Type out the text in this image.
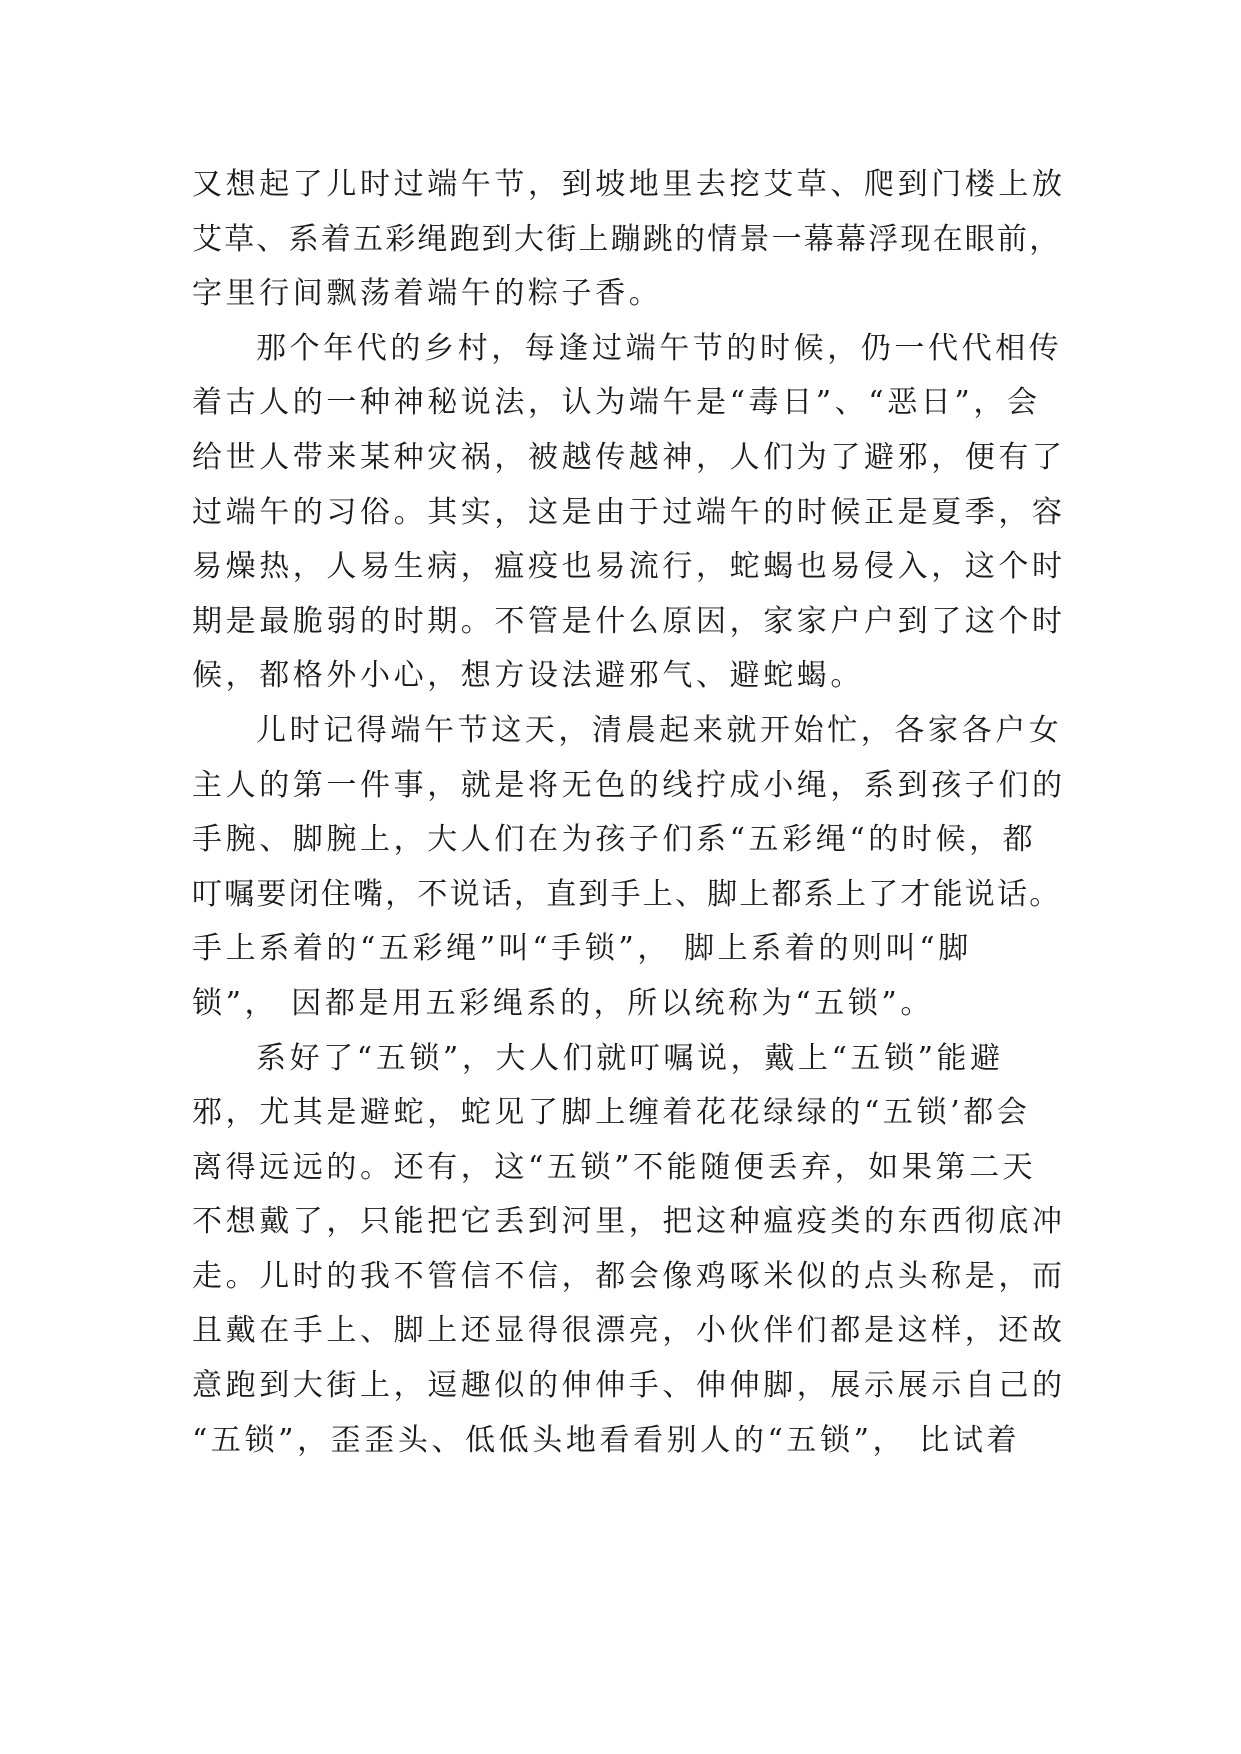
又想起了儿时过端午节，到坡地里去挖艾草、爬到门楼上放
艾草、系着五彩绳跑到大街上蹦跳的情景一幕幕浮现在眼前，
字里行间飘荡着端午的粽子香。
那个年代的乡村，每逢过端午节的时候，仍一代代相传
着古人的一种神秘说法，认为端午是“毒日”、“恶日”，会
给世人带来某种灾祸，被越传越神，人们为了避邪，便有了
过端午的习俗。其实，这是由于过端午的时候正是夏季，容
易燥热，人易生病，瘟疫也易流行，蛇蝎也易侵入，这个时
期是最脆弱的时期。不管是什么原因，家家户户到了这个时
候，都格外小心，想方设法避邪气、避蛇蝎。
儿时记得端午节这天，清晨起来就开始忙，各家各户女
主人的第一件事，就是将无色的线拧成小绳，系到孩子们的
手腕、脚腕上，大人们在为孩子们系“五彩绳“的时候，都
叮嘱要闭住嘴，不说话，直到手上、脚上都系上了才能说话。
手上系着的“五彩绳”叫“手锁”， 脚上系着的则叫“脚
锁”， 因都是用五彩绳系的，所以统称为“五锁”。
系好了“五锁”，大人们就叮嘱说，戴上“五锁”能避
邪，尤其是避蛇，蛇见了脚上缠着花花绿绿的“五锁’都会
离得远远的。还有，这“五锁”不能随便丢弃，如果第二天
不想戴了，只能把它丢到河里，把这种瘟疫类的东西彻底冲
走。儿时的我不管信不信，都会像鸡啄米似的点头称是，而
且戴在手上、脚上还显得很漂亮，小伙伴们都是这样，还故
意跑到大街上，逗趣似的伸伸手、伸伸脚，展示展示自己的
“五锁”，歪歪头、低低头地看看别人的“五锁”， 比试着
